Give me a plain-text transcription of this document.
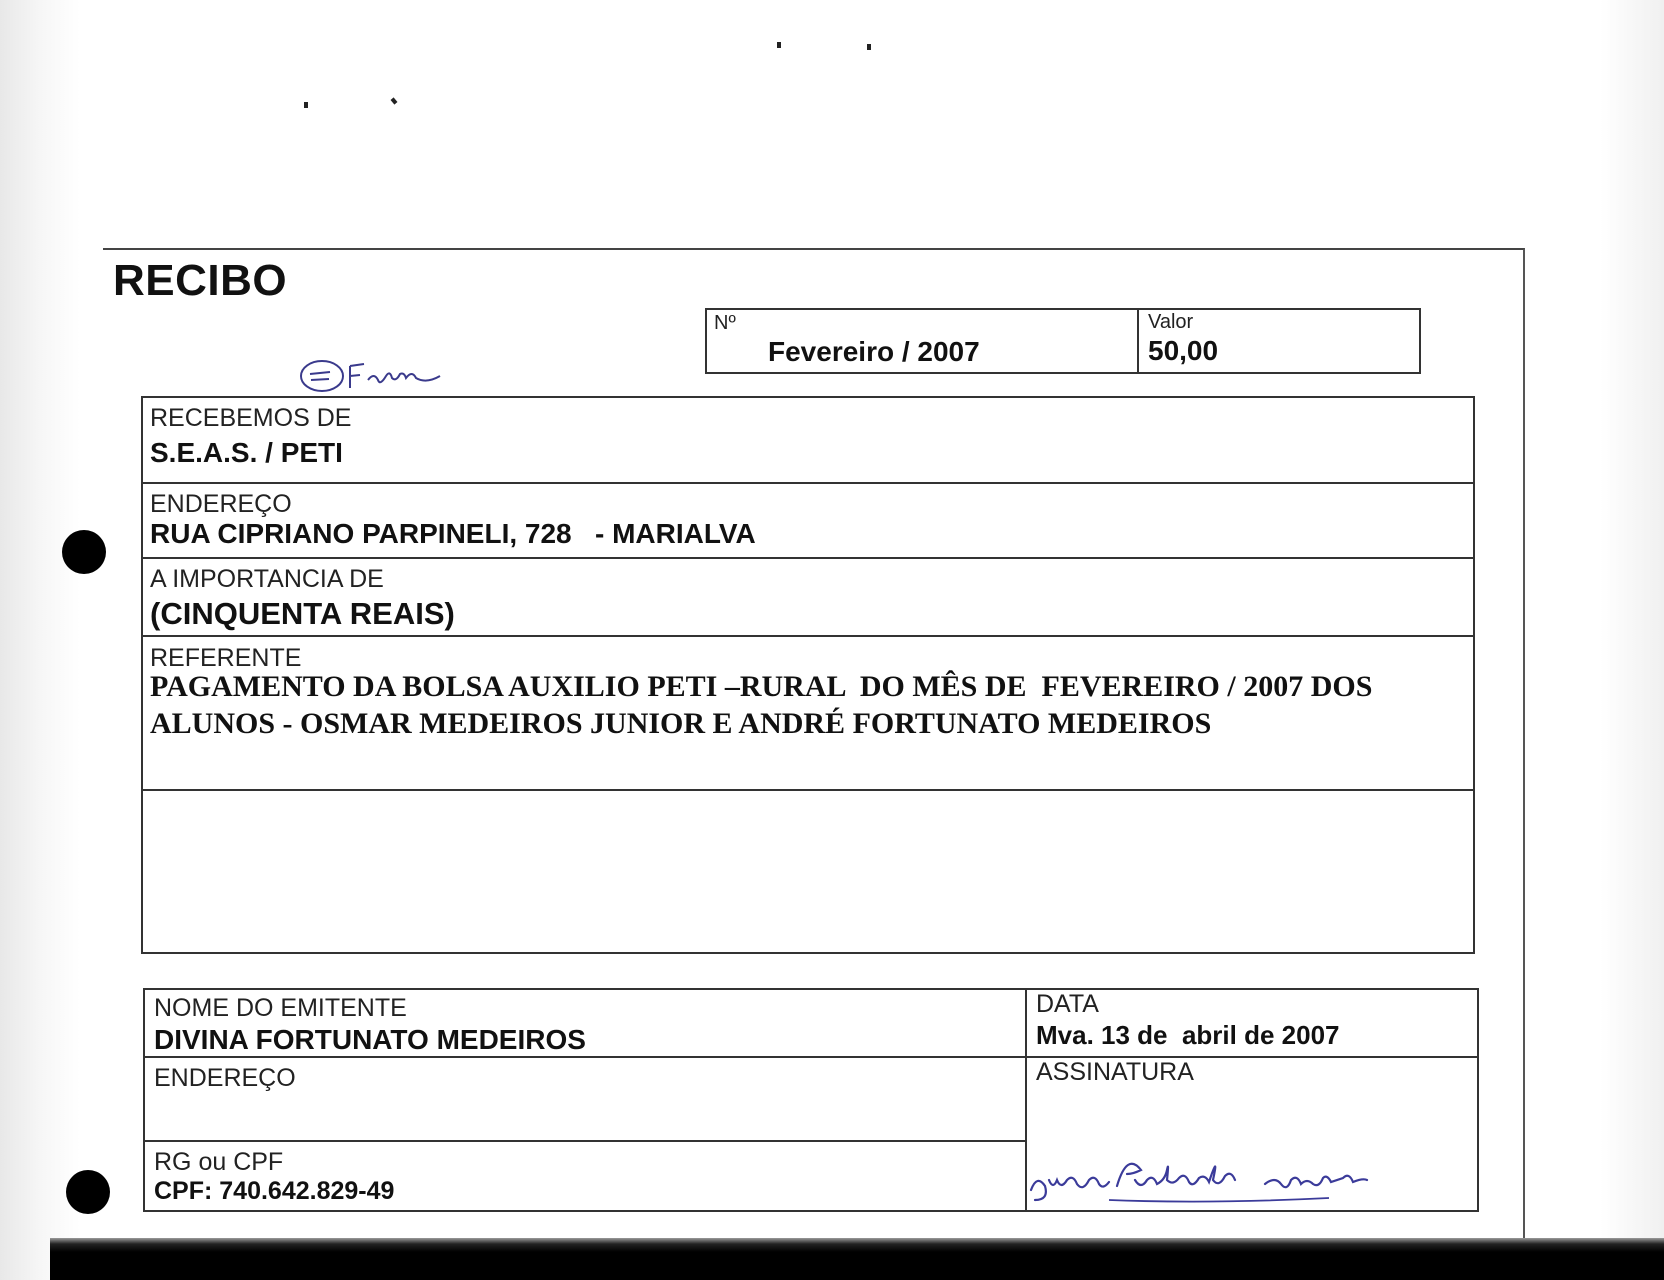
RECIBO
Nº
Fevereiro / 2007
Valor
50,00
RECEBEMOS DE
S.E.A.S. / PETI
ENDEREÇO
RUA CIPRIANO PARPINELI, 728   - MARIALVA
A IMPORTANCIA DE
(CINQUENTA REAIS)
REFERENTE
PAGAMENTO DA BOLSA AUXILIO PETI –RURAL  DO MÊS DE  FEVEREIRO / 2007 DOS
ALUNOS - OSMAR MEDEIROS JUNIOR E ANDRÉ FORTUNATO MEDEIROS
NOME DO EMITENTE
DIVINA FORTUNATO MEDEIROS
ENDEREÇO
RG ou CPF
CPF: 740.642.829-49
DATA
Mva. 13 de  abril de 2007
ASSINATURA
